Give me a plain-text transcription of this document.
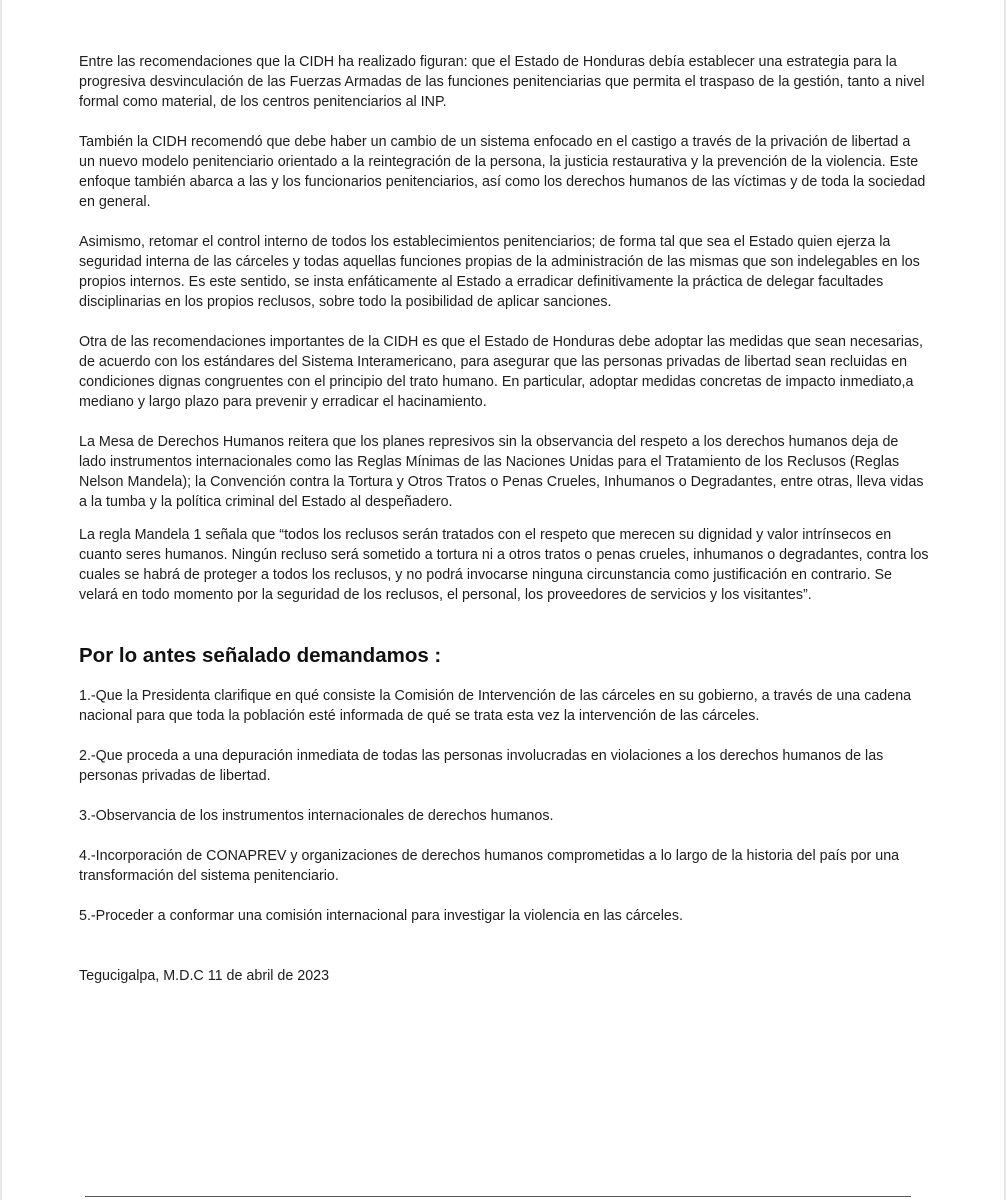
Entre las recomendaciones que la CIDH ha realizado figuran: que el Estado de Honduras debía establecer una estrategia para la progresiva desvinculación de las Fuerzas Armadas de las funciones penitenciarias que permita el traspaso de la gestión, tanto a nivel formal como material, de los centros penitenciarios al INP.

También la CIDH recomendó que debe haber un cambio de un sistema enfocado en el castigo a través de la privación de libertad a un nuevo modelo penitenciario orientado a la reintegración de la persona, la justicia restaurativa y la prevención de la violencia. Este enfoque también abarca a las y los funcionarios penitenciarios, así como los derechos humanos de las víctimas y de toda la sociedad en general.

Asimismo, retomar el control interno de todos los establecimientos penitenciarios; de forma tal que sea el Estado quien ejerza la seguridad interna de las cárceles y todas aquellas funciones propias de la administración de las mismas que son indelegables en los propios internos. Es este sentido, se insta enfáticamente al Estado a erradicar definitivamente la práctica de delegar facultades disciplinarias en los propios reclusos, sobre todo la posibilidad de aplicar sanciones.

Otra de las recomendaciones importantes de la CIDH es que el Estado de Honduras debe adoptar las medidas que sean necesarias, de acuerdo con los estándares del Sistema Interamericano, para asegurar que las personas privadas de libertad sean recluidas en condiciones dignas congruentes con el principio del trato humano. En particular, adoptar medidas concretas de impacto inmediato,a mediano y largo plazo para prevenir y erradicar el hacinamiento.

La Mesa de Derechos Humanos reitera que los planes represivos sin la observancia del respeto a los derechos humanos deja de lado instrumentos internacionales como las Reglas Mínimas de las Naciones Unidas para el Tratamiento de los Reclusos (Reglas Nelson Mandela); la Convención contra la Tortura y Otros Tratos o Penas Crueles, Inhumanos o Degradantes, entre otras, lleva vidas a la tumba y la política criminal del Estado al despeñadero.

La regla Mandela 1 señala que “todos los reclusos serán tratados con el respeto que merecen su dignidad y valor intrínsecos en cuanto seres humanos. Ningún recluso será sometido a tortura ni a otros tratos o penas crueles, inhumanos o degradantes, contra los cuales se habrá de proteger a todos los reclusos, y no podrá invocarse ninguna circunstancia como justificación en contrario. Se velará en todo momento por la seguridad de los reclusos, el personal, los proveedores de servicios y los visitantes”.

Por lo antes señalado demandamos :

1.-Que la Presidenta clarifique en qué consiste la Comisión de Intervención de las cárceles en su gobierno, a través de una cadena nacional para que toda la población esté informada de qué se trata esta vez la intervención de las cárceles.

2.-Que proceda a una depuración inmediata de todas las personas involucradas en violaciones a los derechos humanos de las personas privadas de libertad.

3.-Observancia de los instrumentos internacionales de derechos humanos.

4.-Incorporación de CONAPREV y organizaciones de derechos humanos comprometidas a lo largo de la historia del país por una transformación del sistema penitenciario.

5.-Proceder a conformar una comisión internacional para investigar la violencia en las cárceles.

Tegucigalpa, M.D.C 11 de abril de 2023
